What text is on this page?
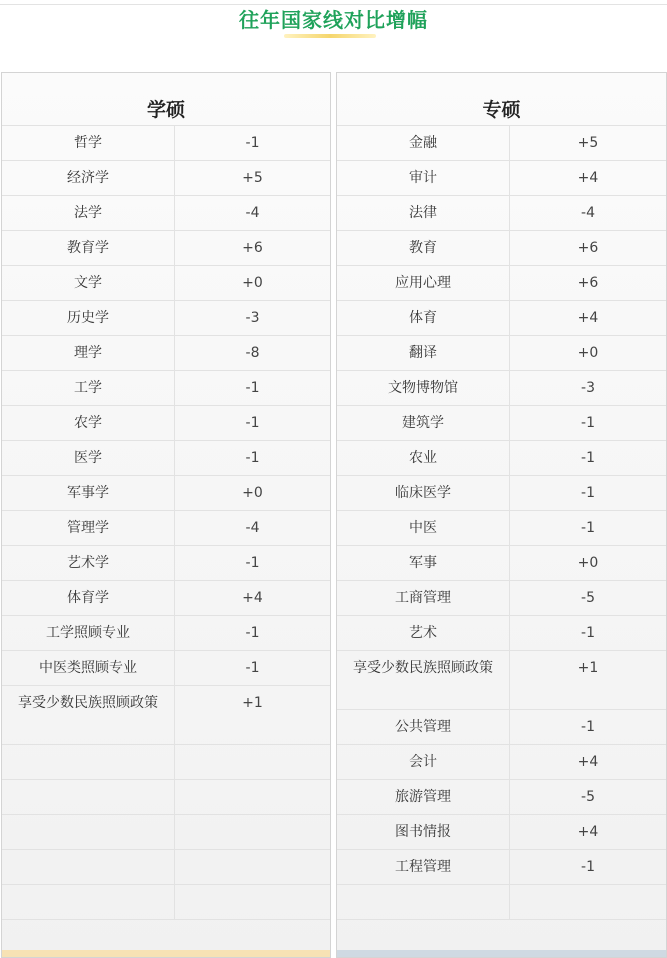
往年国家线对比增幅
学硕
哲学	-1
经济学	+5
法学	-4
教育学	+6
文学	+0
历史学	-3
理学	-8
工学	-1
农学	-1
医学	-1
军事学	+0
管理学	-4
艺术学	-1
体育学	+4
工学照顾专业	-1
中医类照顾专业	-1
享受少数民族照顾政策	+1
专硕
金融	+5
审计	+4
法律	-4
教育	+6
应用心理	+6
体育	+4
翻译	+0
文物博物馆	-3
建筑学	-1
农业	-1
临床医学	-1
中医	-1
军事	+0
工商管理	-5
艺术	-1
享受少数民族照顾政策	+1
公共管理	-1
会计	+4
旅游管理	-5
图书情报	+4
工程管理	-1
